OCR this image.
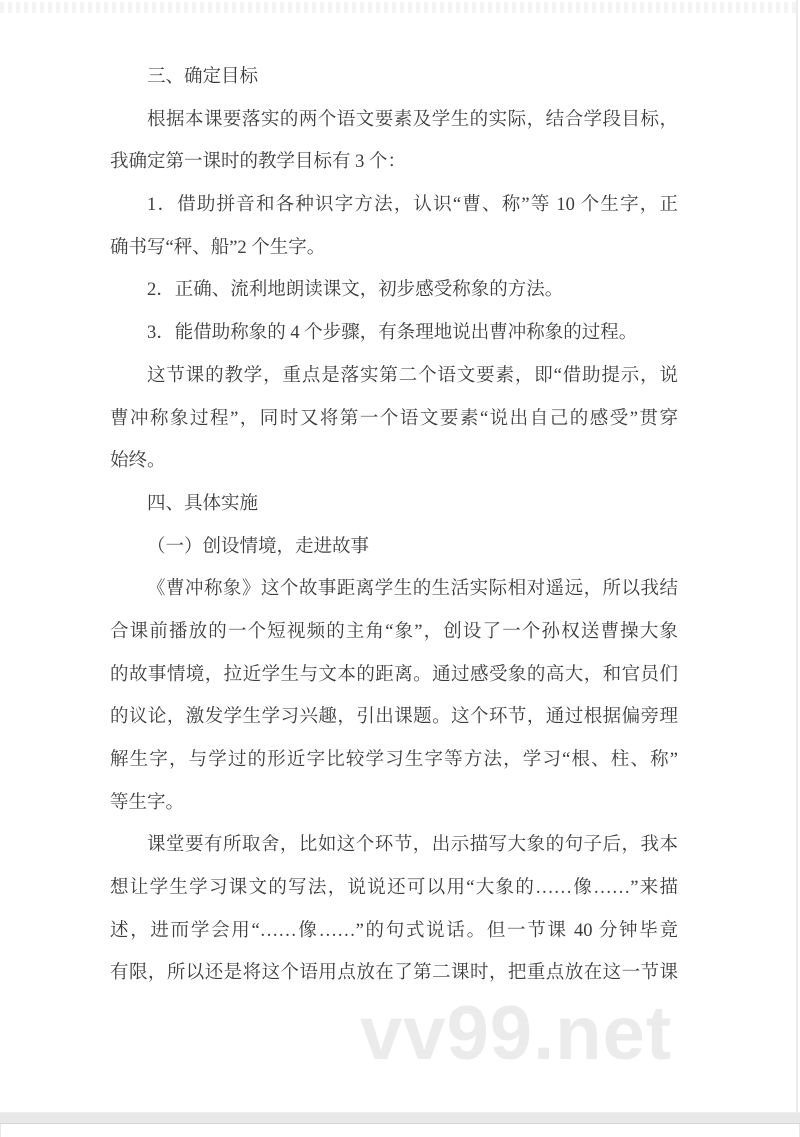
三、确定目标
根据本课要落实的两个语文要素及学生的实际，结合学段目标，
我确定第一课时的教学目标有 3 个：
1．借助拼音和各种识字方法，认识“曹、称”等 10 个生字，正
确书写“秤、船”2 个生字。
2．正确、流利地朗读课文，初步感受称象的方法。
3．能借助称象的 4 个步骤，有条理地说出曹冲称象的过程。
这节课的教学，重点是落实第二个语文要素，即“借助提示，说
曹冲称象过程”，同时又将第一个语文要素“说出自己的感受”贯穿
始终。
四、具体实施
（一）创设情境，走进故事
《曹冲称象》这个故事距离学生的生活实际相对遥远，所以我结
合课前播放的一个短视频的主角“象”，创设了一个孙权送曹操大象
的故事情境，拉近学生与文本的距离。通过感受象的高大，和官员们
的议论，激发学生学习兴趣，引出课题。这个环节，通过根据偏旁理
解生字，与学过的形近字比较学习生字等方法，学习“根、柱、称”
等生字。
课堂要有所取舍，比如这个环节，出示描写大象的句子后，我本
想让学生学习课文的写法，说说还可以用“大象的……像……”来描
述，进而学会用“……像……”的句式说话。但一节课 40 分钟毕竟
有限，所以还是将这个语用点放在了第二课时，把重点放在这一节课
vv99.net
